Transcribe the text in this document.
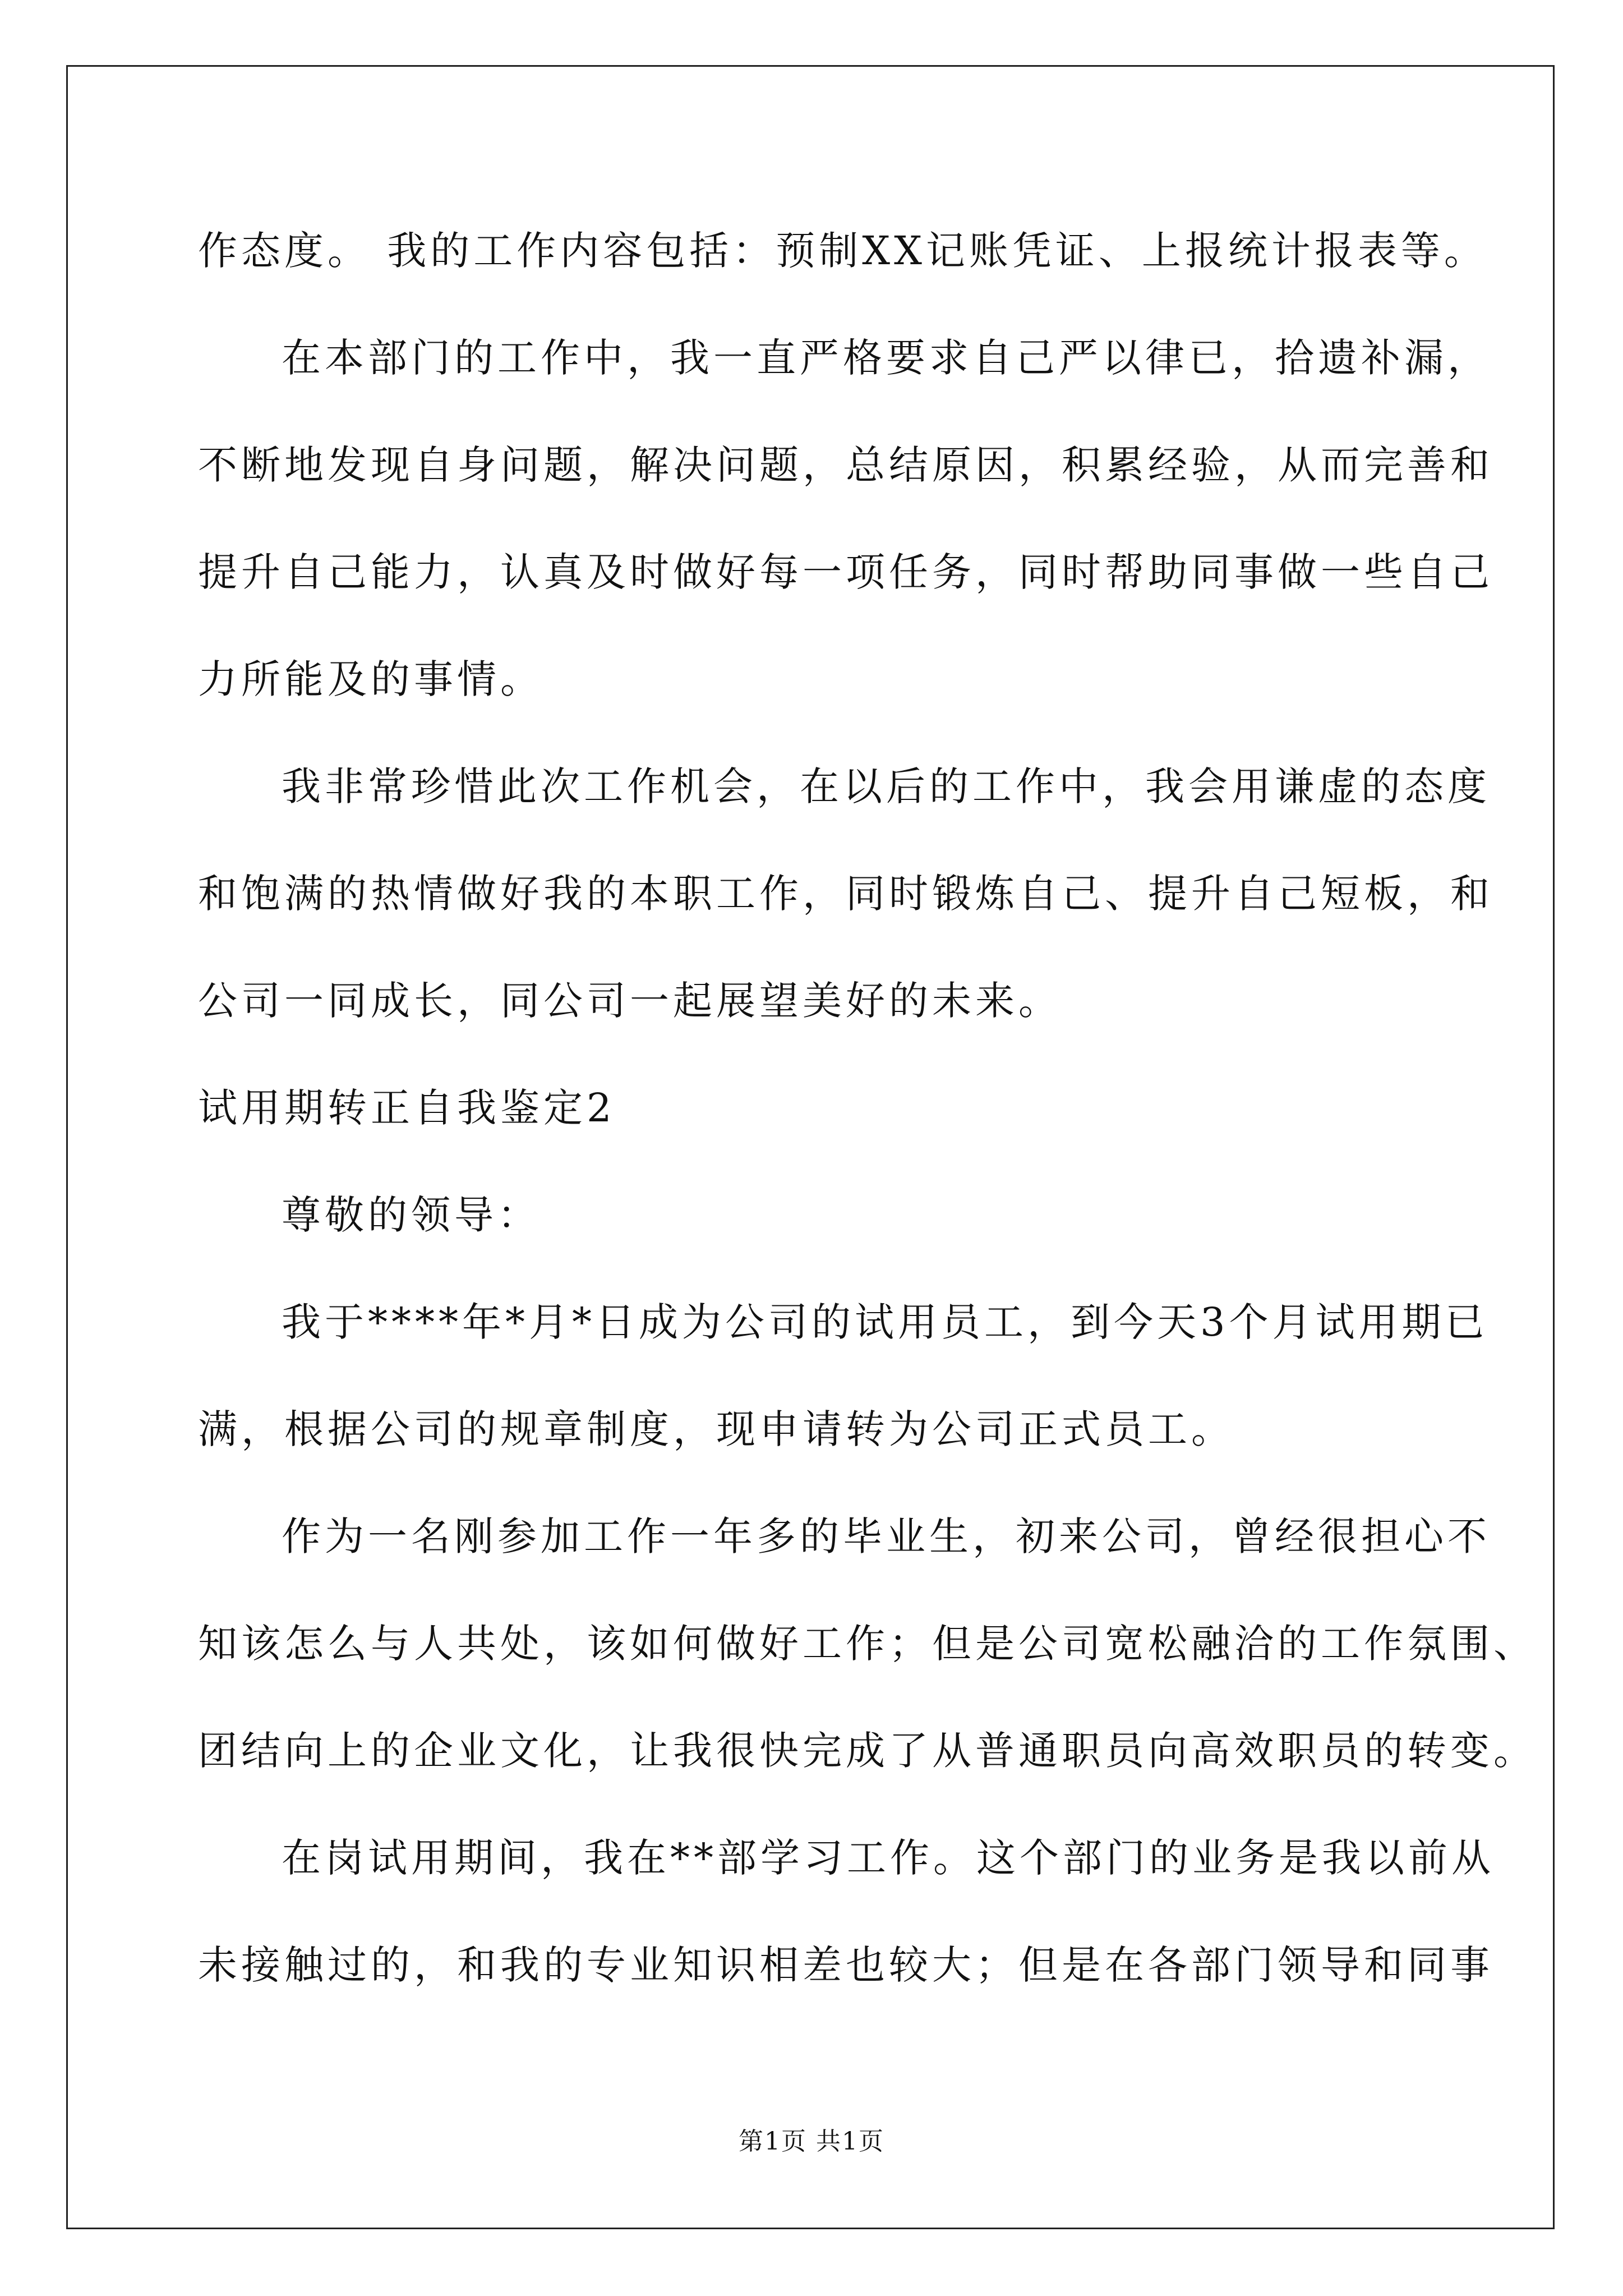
作态度。 我的工作内容包括：预制XX记账凭证、上报统计报表等。
在本部门的工作中，我一直严格要求自己严以律已，拾遗补漏，
不断地发现自身问题，解决问题，总结原因，积累经验，从而完善和
提升自己能力，认真及时做好每一项任务，同时帮助同事做一些自己
力所能及的事情。
我非常珍惜此次工作机会，在以后的工作中，我会用谦虚的态度
和饱满的热情做好我的本职工作，同时锻炼自己、提升自己短板，和
公司一同成长，同公司一起展望美好的未来。
试用期转正自我鉴定2
尊敬的领导：
我于****年*月*日成为公司的试用员工，到今天3个月试用期已
满，根据公司的规章制度，现申请转为公司正式员工。
作为一名刚参加工作一年多的毕业生，初来公司，曾经很担心不
知该怎么与人共处，该如何做好工作；但是公司宽松融洽的工作氛围、
团结向上的企业文化，让我很快完成了从普通职员向高效职员的转变。
在岗试用期间，我在**部学习工作。这个部门的业务是我以前从
未接触过的，和我的专业知识相差也较大；但是在各部门领导和同事
第1页 共1页
